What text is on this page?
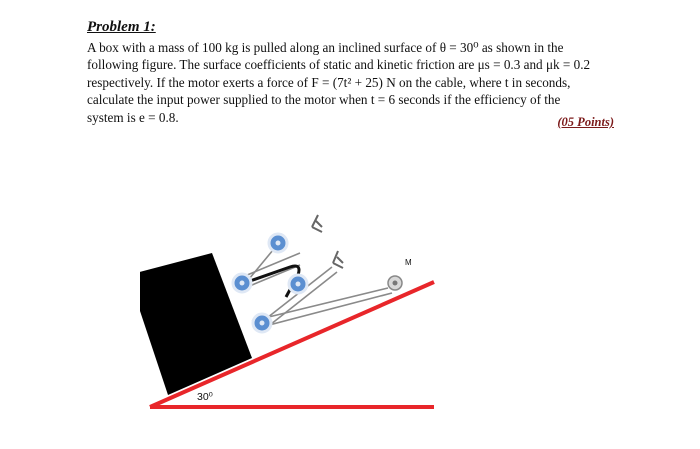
Problem 1:

A box with a mass of 100 kg is pulled along an inclined surface of θ = 30⁰ as shown in the

following figure. The surface coefficients of static and kinetic friction are μs = 0.3 and μk = 0.2

respectively. If the motor exerts a force of F = (7t² + 25) N on the cable, where t in seconds,

calculate the input power supplied to the motor when t = 6 seconds if the efficiency of the

system is e = 0.8.	(05 Points)
M
30⁰
